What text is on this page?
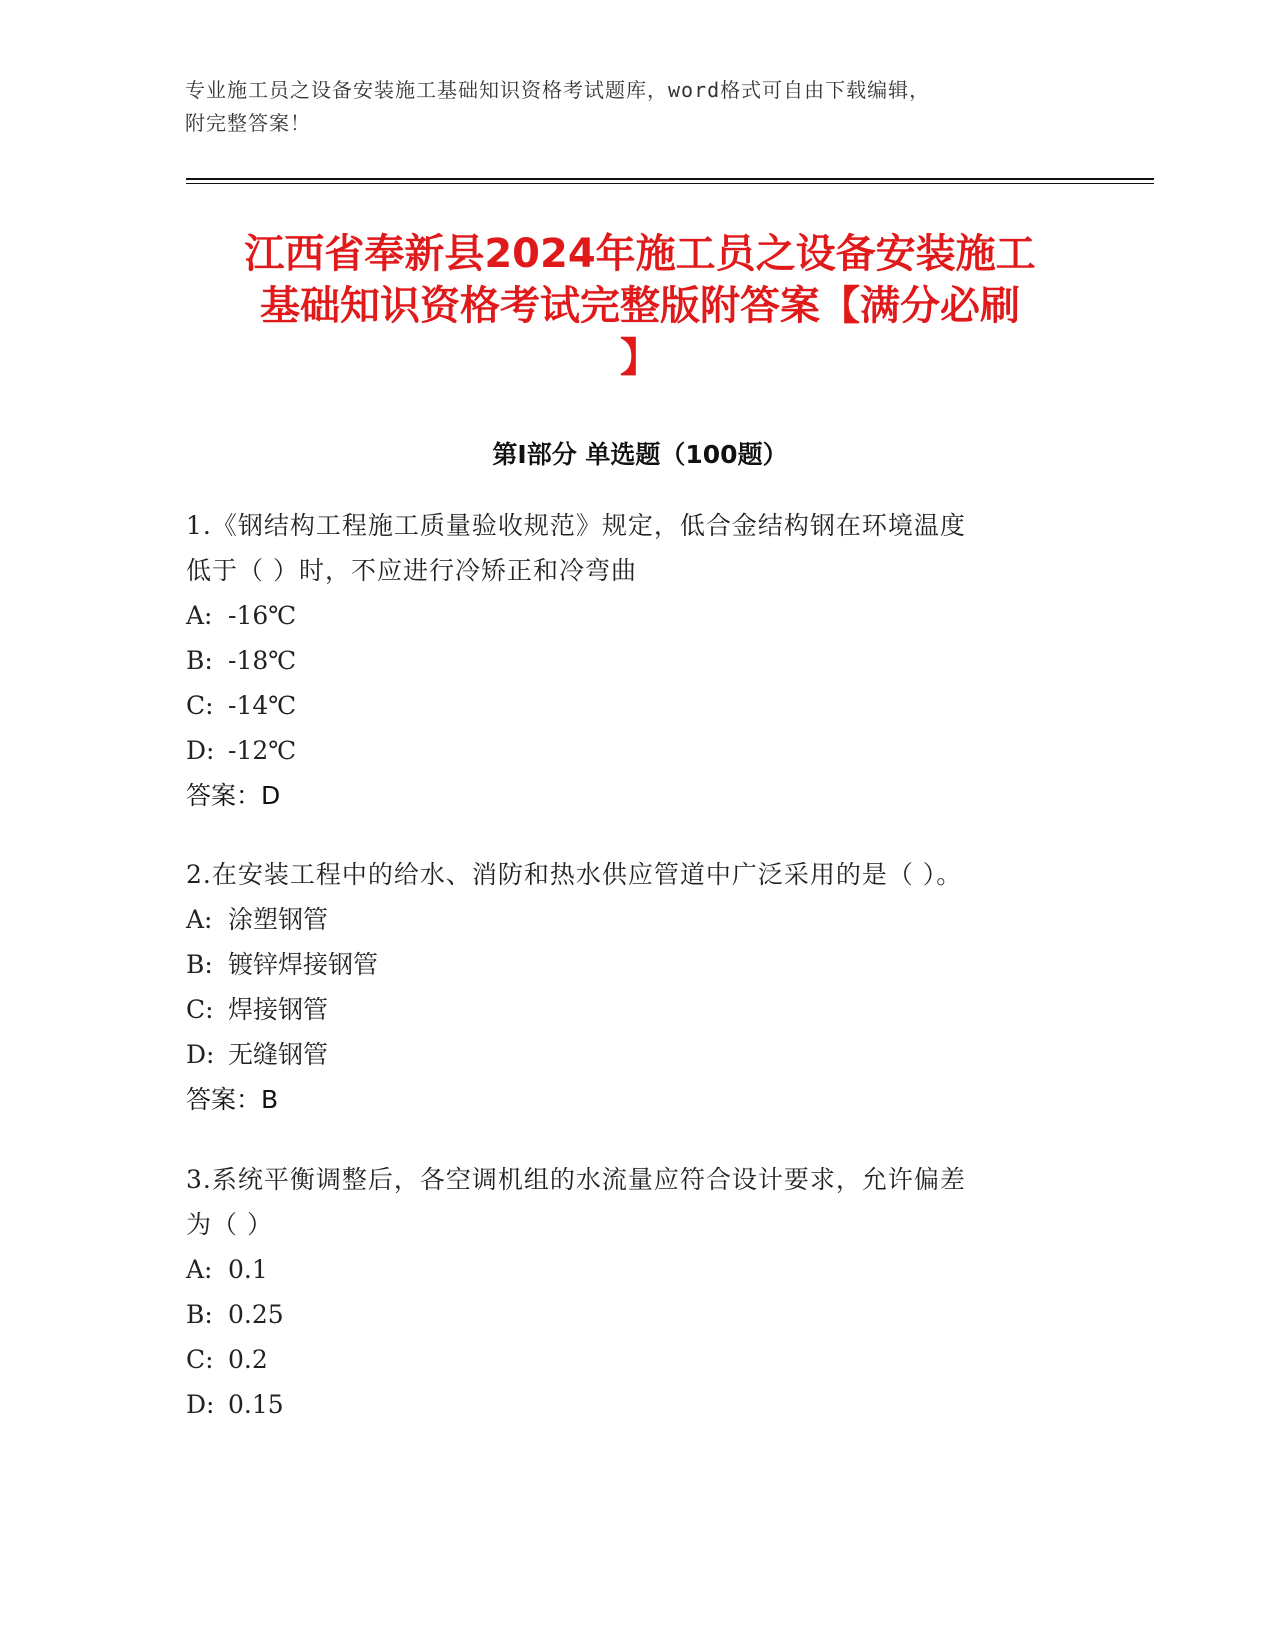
专业施工员之设备安装施工基础知识资格考试题库，word格式可自由下载编辑，
附完整答案！
江西省奉新县2024年施工员之设备安装施工
基础知识资格考试完整版附答案【满分必刷
】
第Ⅰ部分 单选题（100题）
1.《钢结构工程施工质量验收规范》规定，低合金结构钢在环境温度
低于（ ）时，不应进行冷矫正和冷弯曲
A: -16℃
B: -18℃
C: -14℃
D: -12℃
答案：D
2.在安装工程中的给水、消防和热水供应管道中广泛采用的是（ ）。
A: 涂塑钢管
B: 镀锌焊接钢管
C: 焊接钢管
D: 无缝钢管
答案：B
3.系统平衡调整后，各空调机组的水流量应符合设计要求，允许偏差
为（ ）
A: 0.1
B: 0.25
C: 0.2
D: 0.15
